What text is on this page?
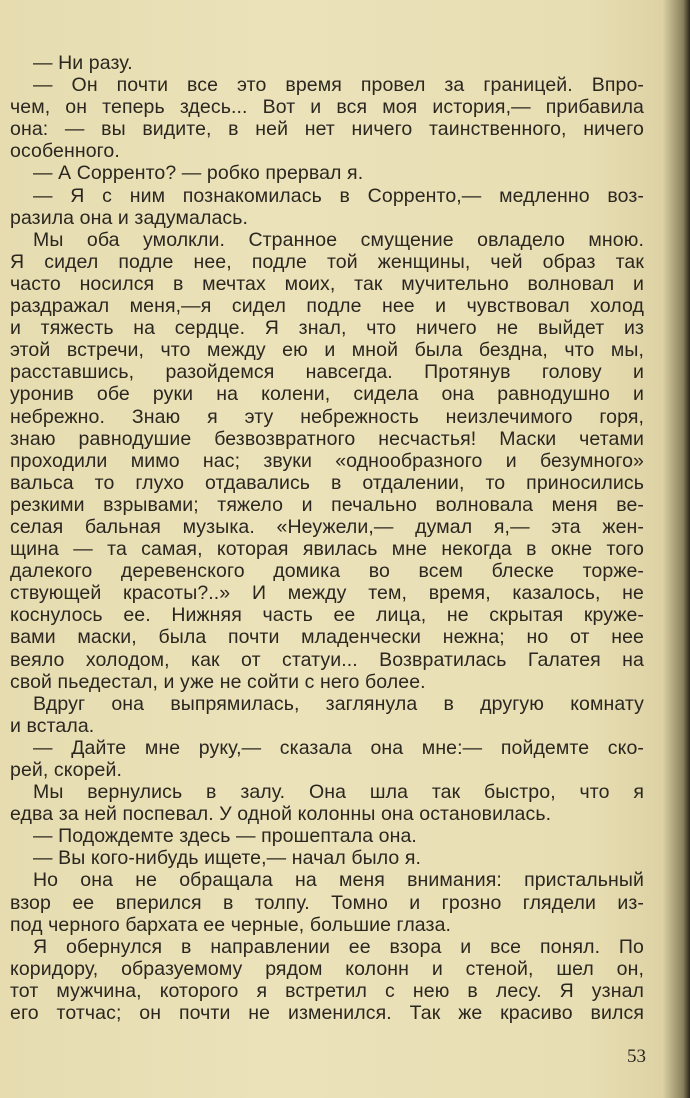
— Ни разу.
— Он почти все это время провел за границей. Впро-
чем, он теперь здесь... Вот и вся моя история,— прибавила
она: — вы видите, в ней нет ничего таинственного, ничего
особенного.
— А Сорренто? — робко прервал я.
— Я с ним познакомилась в Сорренто,— медленно воз-
разила она и задумалась.
Мы оба умолкли. Странное смущение овладело мною.
Я сидел подле нее, подле той женщины, чей образ так
часто носился в мечтах моих, так мучительно волновал и
раздражал меня,—я сидел подле нее и чувствовал холод
и тяжесть на сердце. Я знал, что ничего не выйдет из
этой встречи, что между ею и мной была бездна, что мы,
расставшись, разойдемся навсегда. Протянув голову и
уронив обе руки на колени, сидела она равнодушно и
небрежно. Знаю я эту небрежность неизлечимого горя,
знаю равнодушие безвозвратного несчастья! Маски четами
проходили мимо нас; звуки «однообразного и безумного»
вальса то глухо отдавались в отдалении, то приносились
резкими взрывами; тяжело и печально волновала меня ве-
селая бальная музыка. «Неужели,— думал я,— эта жен-
щина — та самая, которая явилась мне некогда в окне того
далекого деревенского домика во всем блеске торже-
ствующей красоты?..» И между тем, время, казалось, не
коснулось ее. Нижняя часть ее лица, не скрытая круже-
вами маски, была почти младенчески нежна; но от нее
веяло холодом, как от статуи... Возвратилась Галатея на
свой пьедестал, и уже не сойти с него более.
Вдруг она выпрямилась, заглянула в другую комнату
и встала.
— Дайте мне руку,— сказала она мне:— пойдемте ско-
рей, скорей.
Мы вернулись в залу. Она шла так быстро, что я
едва за ней поспевал. У одной колонны она остановилась.
— Подождемте здесь — прошептала она.
— Вы кого-нибудь ищете,— начал было я.
Но она не обращала на меня внимания: пристальный
взор ее вперился в толпу. Томно и грозно глядели из-
под черного бархата ее черные, большие глаза.
Я обернулся в направлении ее взора и все понял. По
коридору, образуемому рядом колонн и стеной, шел он,
тот мужчина, которого я встретил с нею в лесу. Я узнал
его тотчас; он почти не изменился. Так же красиво вился
53
